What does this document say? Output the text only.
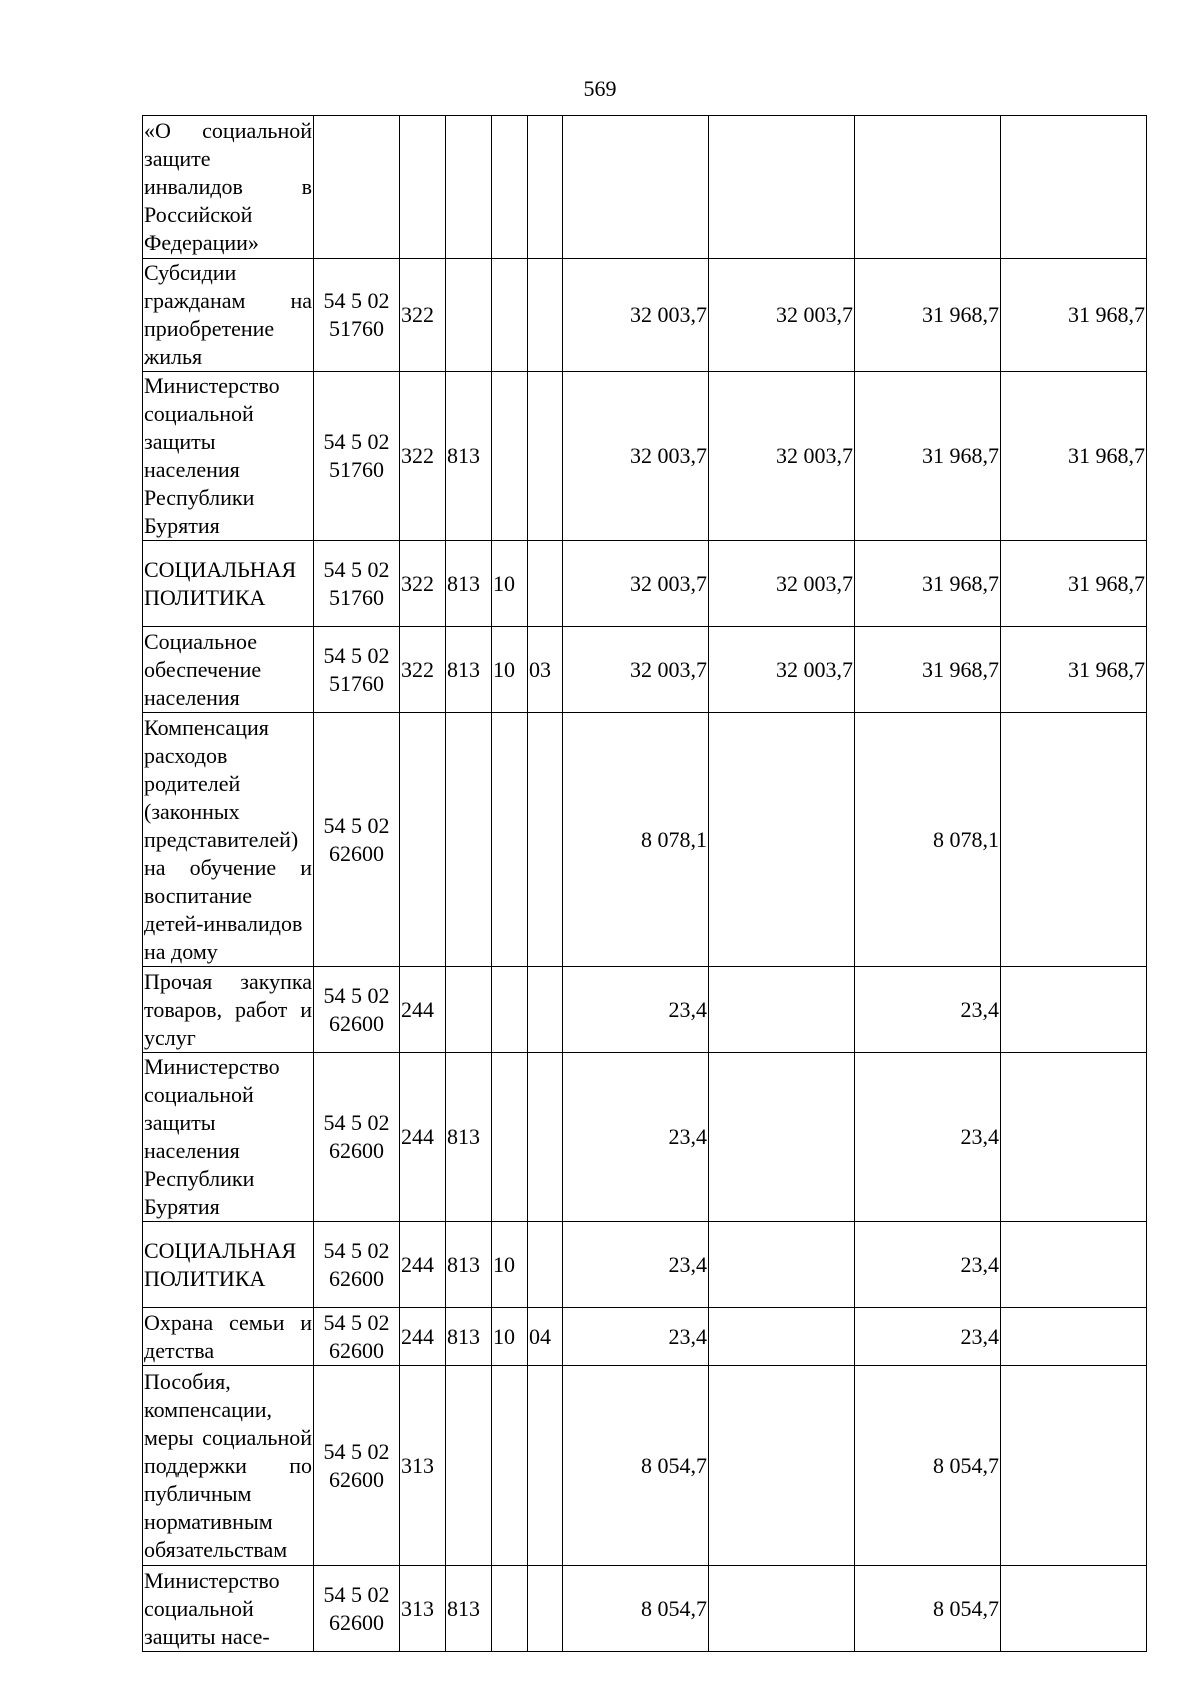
569
«О социальной защите инвалидов в Российской Федерации»									
Субсидии гражданам на приобретение жилья	54 5 02 51760	322				32 003,7	32 003,7	31 968,7	31 968,7
Министерство социальной защиты населения Республики Бурятия	54 5 02 51760	322	813			32 003,7	32 003,7	31 968,7	31 968,7
СОЦИАЛЬНАЯ ПОЛИТИКА	54 5 02 51760	322	813	10		32 003,7	32 003,7	31 968,7	31 968,7
Социальное обеспечение населения	54 5 02 51760	322	813	10	03	32 003,7	32 003,7	31 968,7	31 968,7
Компенсация расходов родителей (законных представителей) на обучение и воспитание детей-инвалидов на дому	54 5 02 62600					8 078,1		8 078,1	
Прочая закупка товаров, работ и услуг	54 5 02 62600	244				23,4		23,4	
Министерство социальной защиты населения Республики Бурятия	54 5 02 62600	244	813			23,4		23,4	
СОЦИАЛЬНАЯ ПОЛИТИКА	54 5 02 62600	244	813	10		23,4		23,4	
Охрана семьи и детства	54 5 02 62600	244	813	10	04	23,4		23,4	
Пособия, компенсации, меры социальной поддержки по публичным нормативным обязательствам	54 5 02 62600	313				8 054,7		8 054,7	
Министерство социальной защиты насе-	54 5 02 62600	313	813			8 054,7		8 054,7	
